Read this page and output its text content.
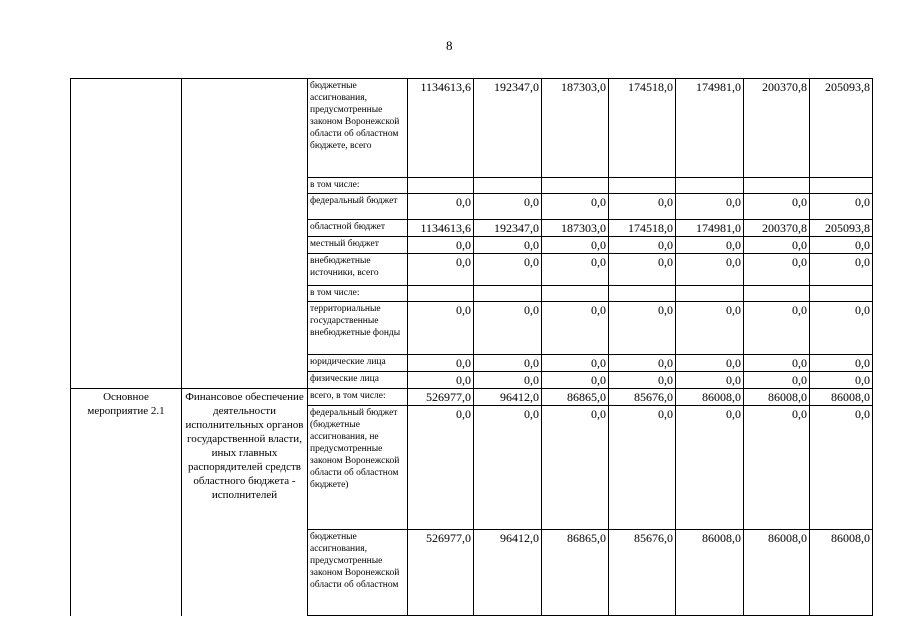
8
		бюджетные ассигнования, предусмотренные законом Воронежской области об областном бюджете, всего	1134613,6	192347,0	187303,0	174518,0	174981,0	200370,8	205093,8
		в том числе:							
		федеральный бюджет	0,0	0,0	0,0	0,0	0,0	0,0	0,0
		областной бюджет	1134613,6	192347,0	187303,0	174518,0	174981,0	200370,8	205093,8
		местный бюджет	0,0	0,0	0,0	0,0	0,0	0,0	0,0
		внебюджетные источники, всего	0,0	0,0	0,0	0,0	0,0	0,0	0,0
		в том числе:							
		территориальные государственные внебюджетные фонды	0,0	0,0	0,0	0,0	0,0	0,0	0,0
		юридические лица	0,0	0,0	0,0	0,0	0,0	0,0	0,0
		физические лица	0,0	0,0	0,0	0,0	0,0	0,0	0,0
Основное мероприятие 2.1	Финансовое обеспечение деятельности исполнительных органов государственной власти, иных главных распорядителей средств областного бюджета - исполнителей	всего, в том числе:	526977,0	96412,0	86865,0	85676,0	86008,0	86008,0	86008,0
		федеральный бюджет (бюджетные ассигнования, не предусмотренные законом Воронежской области об областном бюджете)	0,0	0,0	0,0	0,0	0,0	0,0	0,0
		бюджетные ассигнования, предусмотренные законом Воронежской области об областном	526977,0	96412,0	86865,0	85676,0	86008,0	86008,0	86008,0
